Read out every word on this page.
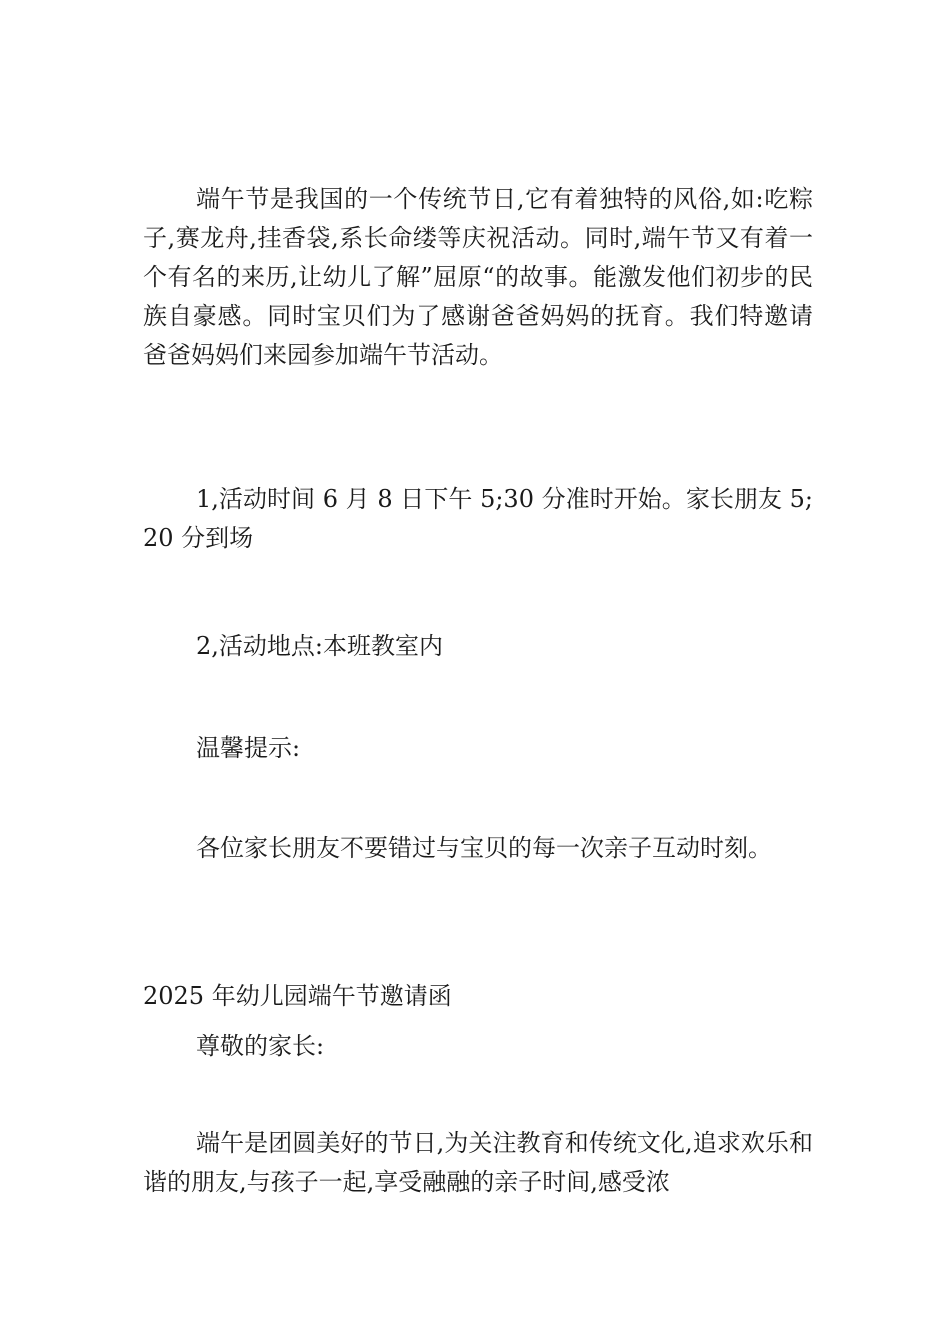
端午节是我国的一个传统节日,它有着独特的风俗,如:吃粽子,赛龙舟,挂香袋,系长命缕等庆祝活动。同时,端午节又有着一个有名的来历,让幼儿了解”屈原“的故事。能激发他们初步的民族自豪感。同时宝贝们为了感谢爸爸妈妈的抚育。我们特邀请爸爸妈妈们来园参加端午节活动。

1,活动时间 6 月 8 日下午 5;30 分准时开始。家长朋友 5;20 分到场

2,活动地点:本班教室内

温馨提示:

各位家长朋友不要错过与宝贝的每一次亲子互动时刻。

2025 年幼儿园端午节邀请函

尊敬的家长:

端午是团圆美好的节日,为关注教育和传统文化,追求欢乐和谐的朋友,与孩子一起,享受融融的亲子时间,感受浓
